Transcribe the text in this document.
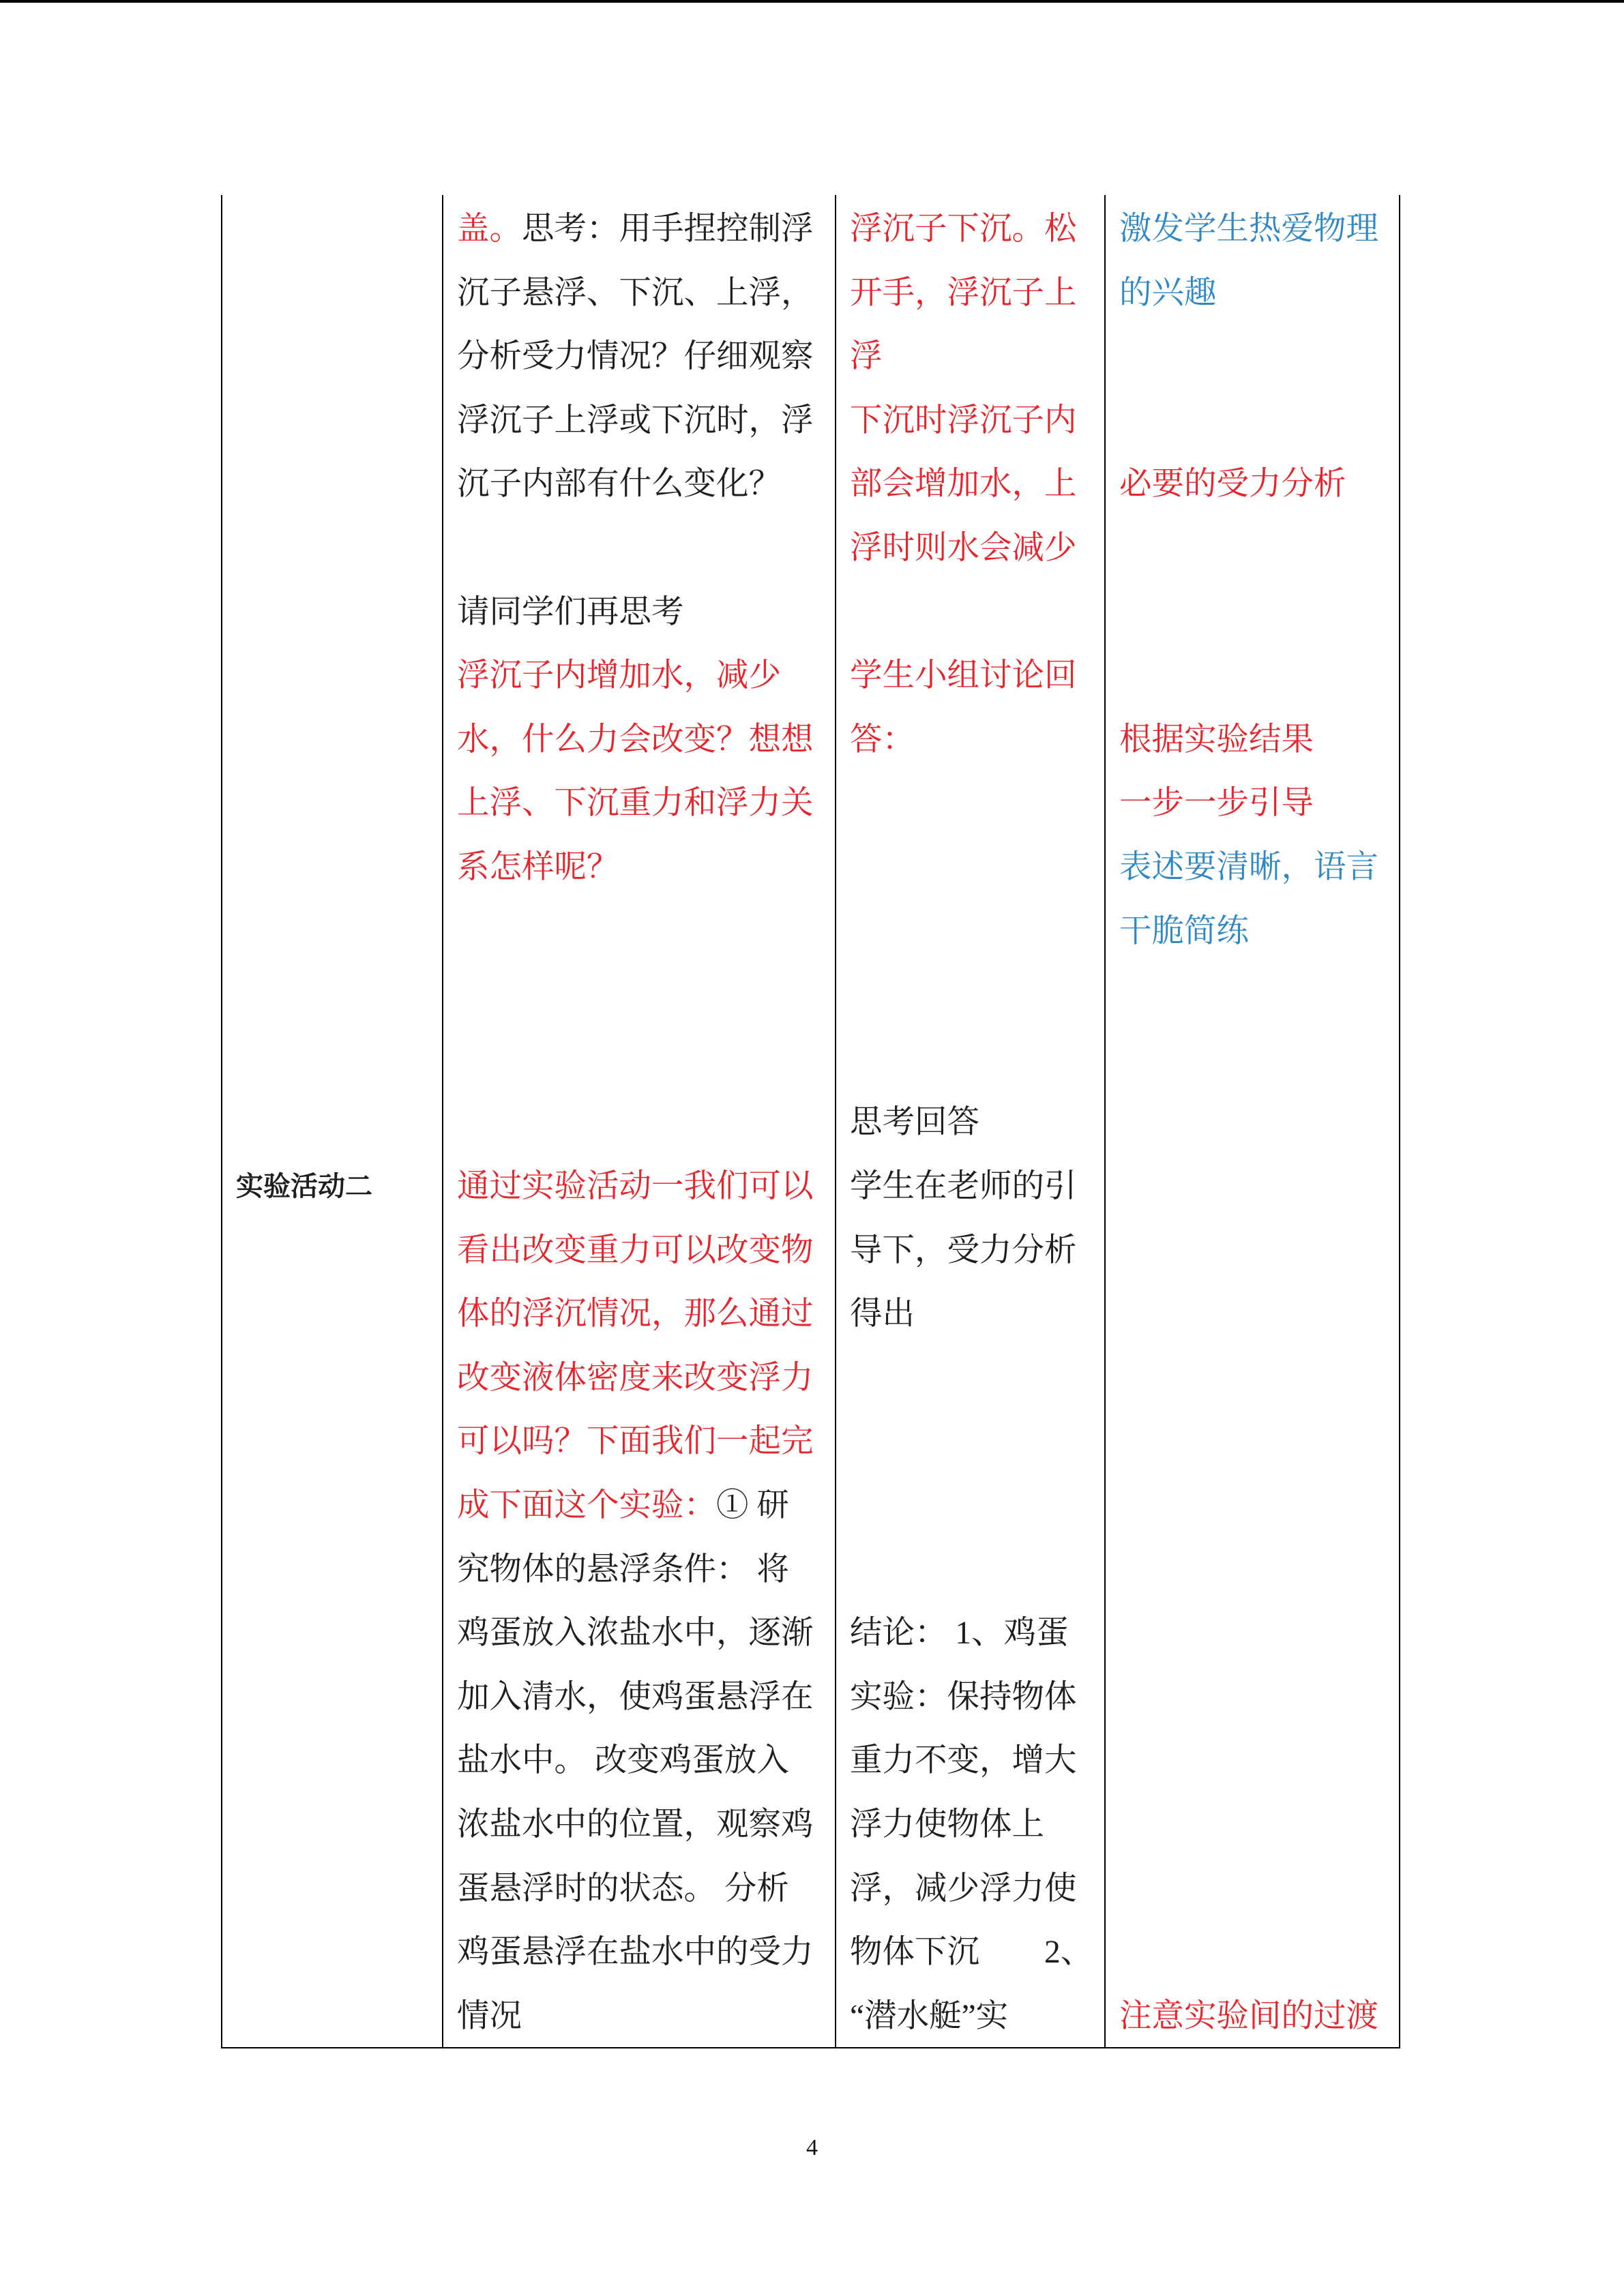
实验活动二
盖。思考：用手捏控制浮
沉子悬浮、下沉、上浮，
分析受力情况？仔细观察
浮沉子上浮或下沉时，浮
沉子内部有什么变化？
请同学们再思考
浮沉子内增加水，减少
水，什么力会改变？想想
上浮、下沉重力和浮力关
系怎样呢？
通过实验活动一我们可以
看出改变重力可以改变物
体的浮沉情况，那么通过
改变液体密度来改变浮力
可以吗？下面我们一起完
成下面这个实验：① 研
究物体的悬浮条件： 将
鸡蛋放入浓盐水中，逐渐
加入清水，使鸡蛋悬浮在
盐水中。 改变鸡蛋放入
浓盐水中的位置，观察鸡
蛋悬浮时的状态。 分析
鸡蛋悬浮在盐水中的受力
情况
浮沉子下沉。松
开手，浮沉子上
浮
下沉时浮沉子内
部会增加水，上
浮时则水会减少
学生小组讨论回
答：
思考回答
学生在老师的引
导下，受力分析
得出
结论： 1、鸡蛋
实验：保持物体
重力不变，增大
浮力使物体上
浮，减少浮力使
物体下沉　　2、
“潜水艇”实
激发学生热爱物理
的兴趣
必要的受力分析
根据实验结果
一步一步引导
表述要清晰，语言
干脆简练
注意实验间的过渡
4
